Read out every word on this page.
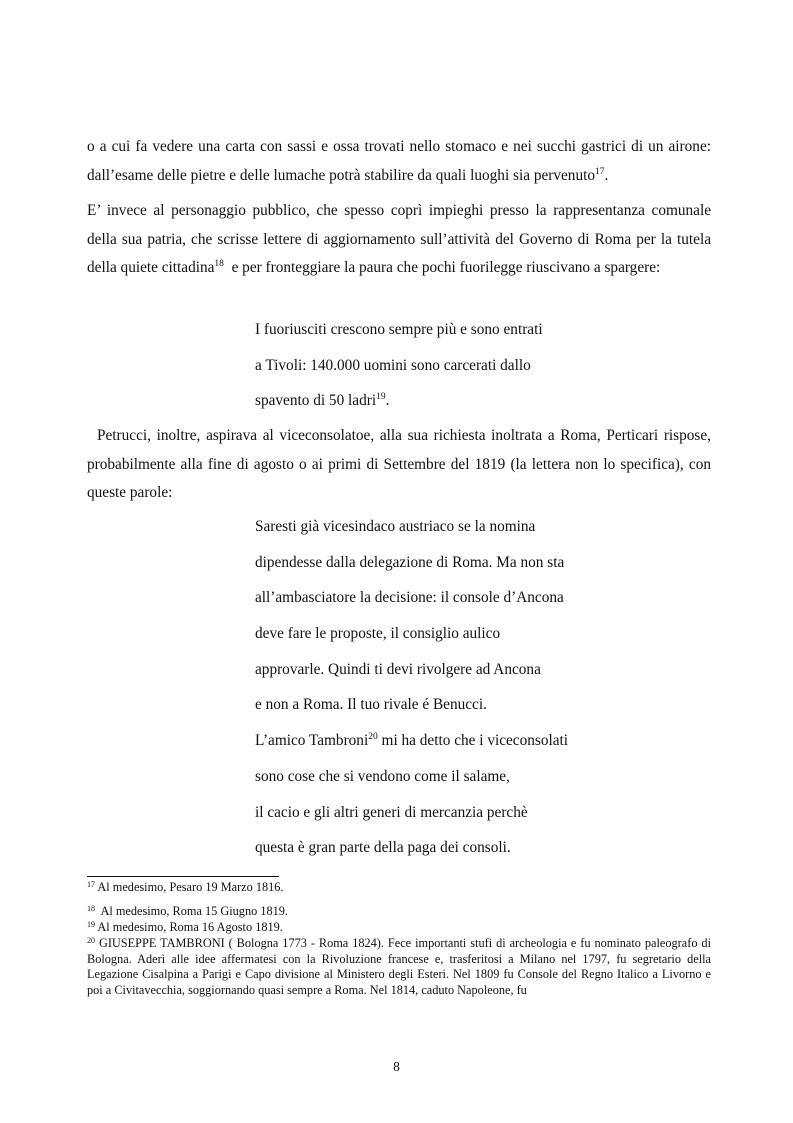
o a cui fa vedere una carta con sassi e ossa trovati nello stomaco e nei succhi gastrici di un airone: dall’esame delle pietre e delle lumache potrà stabilire da quali luoghi sia pervenuto$^{17}$.

E’ invece al personaggio pubblico, che spesso coprì impieghi presso la rappresentanza comunale della sua patria, che scrisse lettere di aggiornamento sull’attività del Governo di Roma per la tutela della quiete cittadina$^{18}$  e per fronteggiare la paura che pochi fuorilegge riuscivano a spargere:

I fuoriusciti crescono sempre più e sono entrati
a Tivoli: 140.000 uomini sono carcerati dallo
spavento di 50 ladri$^{19}$.

Petrucci, inoltre, aspirava al viceconsolatoe, alla sua richiesta inoltrata a Roma, Perticari rispose, probabilmente alla fine di agosto o ai primi di Settembre del 1819 (la lettera non lo specifica), con queste parole:

Saresti già vicesindaco austriaco se la nomina
dipendesse dalla delegazione di Roma. Ma non sta
all’ambasciatore la decisione: il console d’Ancona
deve fare le proposte, il consiglio aulico
approvarle. Quindi ti devi rivolgere ad Ancona
e non a Roma. Il tuo rivale é Benucci.
L’amico Tambroni$^{20}$ mi ha detto che i viceconsolati
sono cose che si vendono come il salame,
il cacio e gli altri generi di mercanzia perchè
questa è gran parte della paga dei consoli.
$^{17}$ Al medesimo, Pesaro 19 Marzo 1816.
$^{18}$  Al medesimo, Roma 15 Giugno 1819.
$^{19}$ Al medesimo, Roma 16 Agosto 1819.
$^{20}$ GIUSEPPE TAMBRONI ( Bologna 1773 - Roma 1824). Fece importanti stufi di archeologia e fu nominato paleografo di Bologna. Aderì alle idee affermatesi con la Rivoluzione francese e, trasferitosi a Milano nel 1797, fu segretario della Legazione Cisalpina a Parigi e Capo divisione al Ministero degli Esteri. Nel 1809 fu Console del Regno Italico a Livorno e poi a Civitavecchia, soggiornando quasi sempre a Roma. Nel 1814, caduto Napoleone, fu
8
